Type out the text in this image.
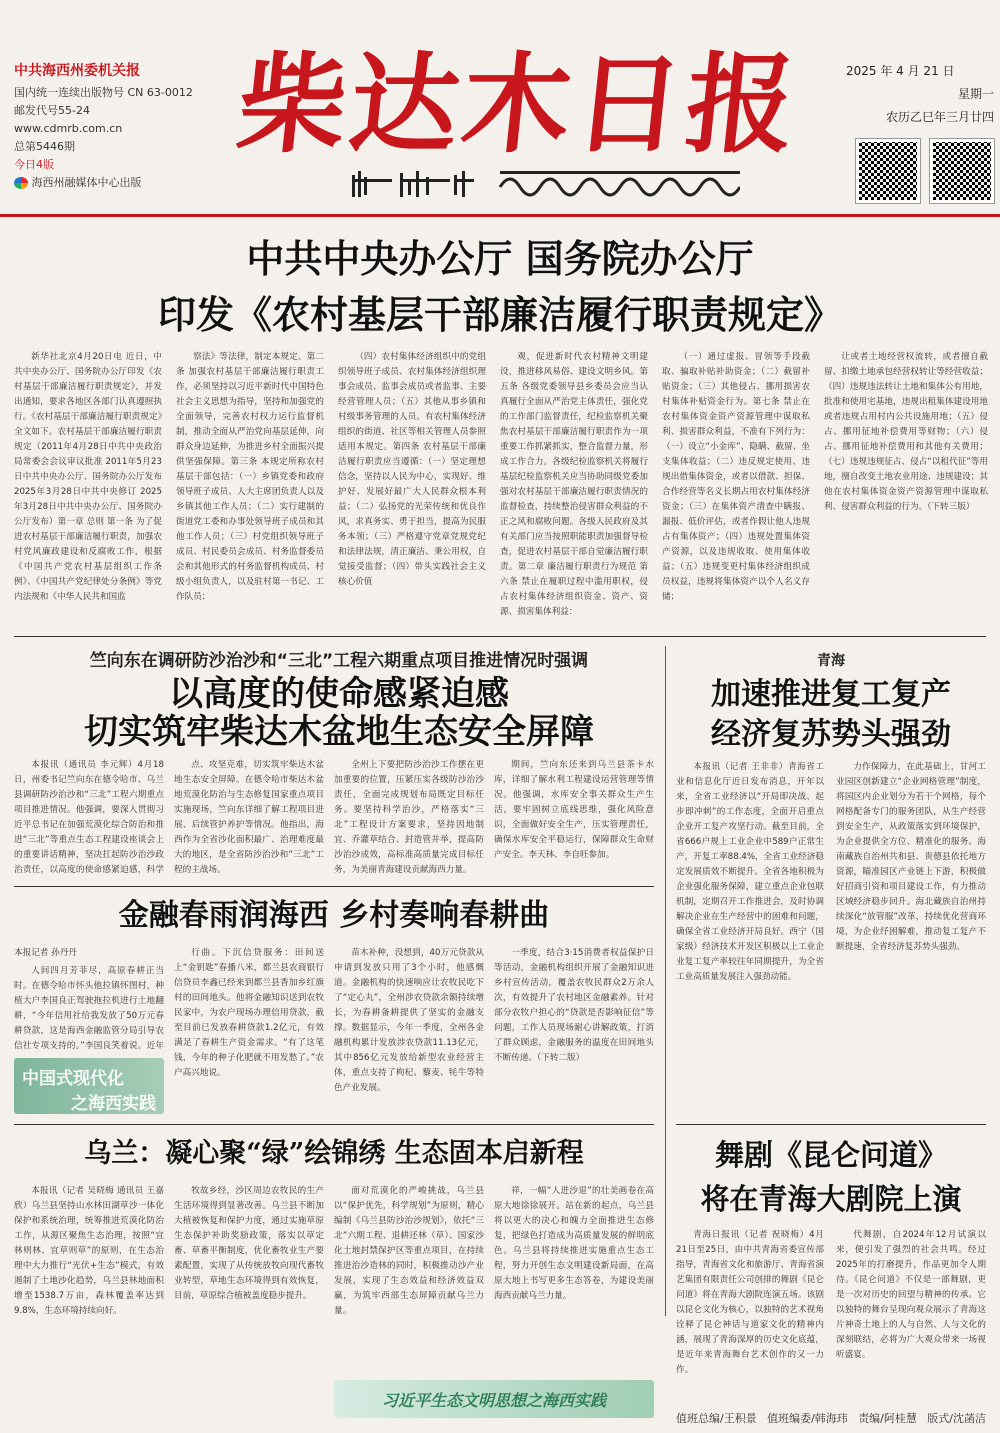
中共海西州委机关报
国内统一连续出版物号 CN 63-0012
邮发代号55-24
www.cdmrb.com.cn
总第5446期
今日4版
海西州融媒体中心出版
柴达木日报	2025 年 4 月 21 日
星期一
农历乙巳年三月廿四
中共中央办公厅 国务院办公厅
印发《农村基层干部廉洁履行职责规定》

新华社北京4月20日电 近日，中共中央办公厅、国务院办公厅印发《农村基层干部廉洁履行职责规定》，并发出通知，要求各地区各部门认真遵照执行。《农村基层干部廉洁履行职责规定》全文如下。农村基层干部廉洁履行职责规定（2011年4月28日中共中央政治局常委会会议审议批准 2011年5月23日中共中央办公厅、国务院办公厅发布 2025年3月28日中共中央修订 2025年3月28日中共中央办公厅、国务院办公厅发布）第一章 总则 第一条 为了促进农村基层干部廉洁履行职责，加强农村党风廉政建设和反腐败工作，根据《中国共产党农村基层组织工作条例》、《中国共产党纪律处分条例》等党内法规和《中华人民共和国监

察法》等法律，制定本规定。第二条 加强农村基层干部廉洁履行职责工作，必须坚持以习近平新时代中国特色社会主义思想为指导，坚持和加强党的全面领导，完善农村权力运行监督机制，推动全面从严治党向基层延伸，向群众身边延伸，为推进乡村全面振兴提供坚强保障。第三条 本规定所称农村基层干部包括：（一）乡镇党委和政府领导班子成员、人大主席团负责人以及乡镇其他工作人员；（二）实行建制的街道党工委和办事处领导班子成员和其他工作人员；（三）村党组织领导班子成员、村民委员会成员、村务监督委员会和其他形式的村务监督机构成员、村级小组负责人，以及驻村第一书记、工作队员；

（四）农村集体经济组织中的党组织领导班子成员、农村集体经济组织理事会成员、监事会成员或者监事、主要经营管理人员；（五）其他从事乡镇和村级事务管理的人员。有农村集体经济组织的街道、社区等相关管理人员参照适用本规定。第四条 农村基层干部廉洁履行职责应当遵循：（一）坚定理想信念，坚持以人民为中心，实现好、维护好、发展好最广大人民群众根本利益；（二）弘扬党的光荣传统和优良作风，求真务实、勇于担当，提高为民服务本领；（三）严格遵守党章党规党纪和法律法规，清正廉洁、秉公用权，自觉接受监督；（四）带头实践社会主义核心价值

观，促进新时代农村精神文明建设，推进移风易俗、建设文明乡风。第五条 各级党委领导县乡委员会应当认真履行全面从严治党主体责任，强化党的工作部门监督责任，纪检监察机关聚焦农村基层干部廉洁履行职责作为一项重要工作抓紧抓实，整合监督力量，形成工作合力。各级纪检监察机关将履行基层纪检监察机关应当协助同级党委加强对农村基层干部廉洁履行职责情况的监督检查，持续整治侵害群众利益的不正之风和腐败问题。各级人民政府及其有关部门应当按照职能职责加强督导检查，促进农村基层干部自觉廉洁履行职责。第二章 廉洁履行职责行为规范 第六条 禁止在履职过程中滥用职权，侵占农村集体经济组织资金、资产、资源、损害集体利益：

（一）通过虚报、冒领等手段截取、骗取补贴补助资金；（二）截留补贴资金；（三）其他侵占、挪用损害农村集体补贴资金行为。第七条 禁止在农村集体资金资产资源管理中谋取私利、损害群众利益，不准有下列行为：（一）设立“小金库”、隐瞒、截留、坐支集体收益；（二）违反规定使用、违规出借集体资金，或者以借款、担保、合作经营等名义长期占用农村集体经济资金；（三）在集体资产清查中瞒报、漏报、低价评估，或者作假让他人违规占有集体资产；（四）违规处置集体资产资源，以及违规收取、使用集体收益；（五）违规变更村集体经济组织成员权益，违规将集体资产以个人名义存储；

让或者土地经营权流转，或者擅自截留、扣缴土地承包经营权转让等经营收益；（四）违规违法转让土地和集体公有用地，批准和使用宅基地，违规出租集体建设用地或者违规占用村内公共设施用地；（五）侵占、挪用征地补偿费用等财物；（六）侵占、挪用征地补偿费用和其他有关费用；（七）违规违规征占、侵占“以租代征”等用地，擅自改变土地农业用途、违规建设；其他在农村集体资金资产资源管理中谋取私利、侵害群众利益的行为。（下转三版）

竺向东在调研防沙治沙和“三北”工程六期重点项目推进情况时强调
以高度的使命感紧迫感
切实筑牢柴达木盆地生态安全屏障

本报讯（通讯员 李元辉）4月18日，州委书记竺向东在德令哈市、乌兰县调研防沙治沙和“三北”工程六期重点项目推进情况。他强调，要深入贯彻习近平总书记在加强荒漠化综合防治和推进“三北”等重点生态工程建设座谈会上的重要讲话精神，坚决扛起防沙治沙政治责任，以高度的使命感紧迫感，科学

点、攻坚克难，切实筑牢柴达木盆地生态安全屏障。在德令哈市柴达木盆地荒漠化防治与生态修复国家重点项目实施现场，竺向东详细了解工程项目进展、后续管护养护等情况。他指出，海西作为全省沙化面积最广、治理难度最大的地区，是全省防沙治沙和“三北”工程的主战场。

全州上下要把防沙治沙工作摆在更加重要的位置，压紧压实各级防沙治沙责任，全面完成规划布局既定目标任务。要坚持科学治沙，严格落实“三北”工程设计方案要求，坚持因地制宜、乔灌草结合、封造管并举，提高防沙治沙成效，高标准高质量完成目标任务，为美丽青海建设贡献海西力量。

期间，竺向东还来到乌兰县茶卡水库，详细了解水利工程建设运营管理等情况。他强调，水库安全事关群众生产生活，要牢固树立底线思维，强化风险意识，全面做好安全生产，压实管理责任，确保水库安全平稳运行，保障群众生命财产安全。李天林、李自旺参加。

青海
加速推进复工复产
经济复苏势头强劲

本报讯（记者 王非非）青海省工业和信息化厅近日发布消息，开年以来，全省工业经济以“开局即决战、起步即冲刺”的工作态度，全面开启重点企业开工复产攻坚行动。截至目前，全省666户规上工业企业中589户正常生产，开复工率88.4%，全省工业经济稳定发展质效不断提升。全省各地积极为企业强化服务保障，建立重点企业包联机制，定期召开工作推进会，及时协调解决企业在生产经营中的困难和问题，确保全省工业经济开局良好。西宁（国家级）经济技术开发区积极以上工业企业复工复产率较往年同期提升，为全省工业高质量发展注入强劲动能。

力作保障力，在此基础上，甘河工业园区创新建立“企业网格管理”制度，将园区内企业划分为若干个网格，每个网格配备专门的服务团队，从生产经营到安全生产，从政策落实到环境保护，为企业提供全方位、精准化的服务。海南藏族自治州共和县、贵德县依托地方资源，瞄准园区产业链上下游，积极做好招商引资和项目建设工作，有力推动区域经济稳步回升。海北藏族自治州持续深化“放管服”改革，持续优化营商环境，为企业纾困解难，推动复工复产不断提速，全省经济复苏势头强劲。

金融春雨润海西 乡村奏响春耕曲
本报记者 孙丹丹

人间四月芳菲尽，高原春耕正当时。在德令哈市怀头他拉镇怀图村，种植大户李国良正驾驶拖拉机进行土地翻耕，“今年信用社给我发放了50万元春耕贷款，这是海西金融监管分局引导农信社专项支持的。”李国良笑着说。近年

中国式现代化
之海西实践

行曲。下沉信贷服务：田间送上“金钥匙”春播八米，都兰县农商银行信贷员李鑫已经来到都兰县香加乡红旗村的田间地头。他将金融知识送到农牧民家中，为农户现场办理信用贷款，截至目前已发放春耕贷款1.2亿元，有效满足了春耕生产资金需求。“有了这笔钱，今年的种子化肥就不用发愁了。”农户高兴地说。

苗木补种，没想到，40万元贷款从申请到发放只用了3个小时，他感慨道。金融机构的快速响应让农牧民吃下了“定心丸”，全州涉农贷款余额持续增长，为春耕备耕提供了坚实的金融支撑。数据显示，今年一季度，全州各金融机构累计发放涉农贷款11.13亿元，其中856亿元发放给新型农业经营主体，重点支持了枸杞、藜麦、牦牛等特色产业发展。

一季度，结合3·15消费者权益保护日等活动，金融机构组织开展了金融知识进乡村宣传活动，覆盖农牧民群众2万余人次，有效提升了农村地区金融素养。针对部分农牧户担心的“贷款是否影响征信”等问题，工作人员现场耐心讲解政策，打消了群众顾虑，金融服务的温度在田间地头不断传递。（下转二版）

乌兰：凝心聚“绿”绘锦绣 生态固本启新程

本报讯（记者 吴晓梅 通讯员 王嘉欣）乌兰县坚持山水林田湖草沙一体化保护和系统治理，统筹推进荒漠化防治工作，从源区聚焦生态治理，按照“宜林则林、宜草则草”的原则，在生态治理中大力推行“光伏+生态”模式，有效遏制了土地沙化趋势，乌兰县林地面积增至1538.7万亩，森林覆盖率达到9.8%，生态环境持续向好。

牧故乡经，沙区周边农牧民的生产生活环境得到显著改善。乌兰县不断加大植被恢复和保护力度，通过实施草原生态保护补助奖励政策，落实以草定畜、草畜平衡制度，优化畜牧业生产要素配置，实现了从传统放牧向现代畜牧业转型，草地生态环境得到有效恢复，目前，草原综合植被盖度稳步提升。

面对荒漠化的严峻挑战，乌兰县以“保护优先，科学规划”为原则，精心编制《乌兰县防沙治沙规划》，依托“三北”六期工程、退耕还林（草）、国家沙化土地封禁保护区等重点项目，在持续推进治沙造林的同时，积极推动沙产业发展，实现了生态效益和经济效益双赢，为筑牢西部生态屏障贡献乌兰力量。

祥，一幅“人进沙退”的壮美画卷在高原大地徐徐展开。站在新的起点，乌兰县将以更大的决心和魄力全面推进生态修复，把绿色打造成为高质量发展的鲜明底色。乌兰县将持续推进实施重点生态工程，努力开创生态文明建设新局面，在高原大地上书写更多生态答卷，为建设美丽海西贡献乌兰力量。

习近平生态文明思想之海西实践
舞剧《昆仑问道》
将在青海大剧院上演

青海日报讯（记者 祝晓梅）4月21日至25日，由中共青海省委宣传部指导，青海省文化和旅游厅、青海省演艺集团有限责任公司创排的舞剧《昆仑问道》将在青海大剧院连演五场。该剧以昆仑文化为核心，以独特的艺术视角诠释了昆仑神话与道家文化的精神内涵，展现了青海深厚的历史文化底蕴，是近年来青海舞台艺术创作的又一力作。

代舞剧，自2024年12月试演以来，便引发了强烈的社会共鸣。经过2025年的打磨提升，作品更加令人期待。《昆仑问道》不仅是一部舞剧，更是一次对历史的回望与精神的传承。它以独特的舞台呈现向观众展示了青海这片神奇土地上的人与自然、人与文化的深刻联结，必将为广大观众带来一场视听盛宴。

值班总编/王积景 值班编委/韩海玮 责编/阿桂慧 版式/沈菡洁
